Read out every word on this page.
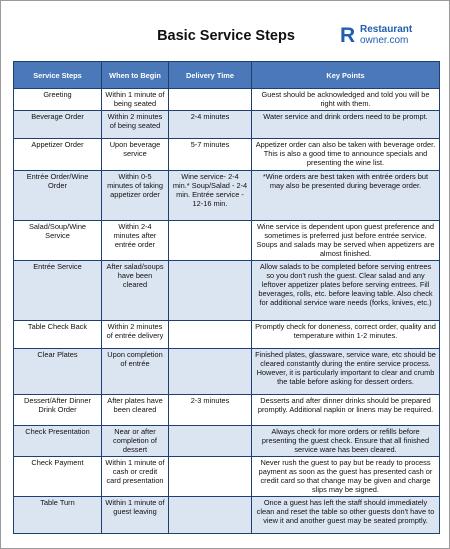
Basic Service Steps	R Restaurant
owner.com
Service Steps	When to Begin	Delivery Time	Key Points
Greeting	Within 1 minute of being seated		Guest should be acknowledged and told you will be right with them.
Beverage Order	Within 2 minutes of being seated	2-4 minutes	Water service and drink orders need to be prompt.
Appetizer Order	Upon beverage service	5-7 minutes	Appetizer order can also be taken with beverage order. This is also a good time to announce specials and presenting the wine list.
Entrée Order/Wine Order	Within 0-5 minutes of taking appetizer order	Wine service- 2-4 min.* Soup/Salad - 2-4 min. Entrée service - 12-16 min.	*Wine orders are best taken with entrée orders but may also be presented during beverage order.
Salad/Soup/Wine Service	Within 2-4 minutes after entrée order		Wine service is dependent upon guest preference and sometimes is preferred just before entrée service. Soups and salads may be served when appetizers are almost finished.
Entrée Service	After salad/soups have been cleared		Allow salads to be completed before serving entrees so you don't rush the guest. Clear salad and any leftover appetizer plates before serving entrees. Fill beverages, rolls, etc. before leaving table. Also check for additional service ware needs (forks, knives, etc.)
Table Check Back	Within 2 minutes of entrée delivery		Promptly check for doneness, correct order, quality and temperature within 1-2 minutes.
Clear Plates	Upon completion of entrée		Finished plates, glassware, service ware, etc should be cleared constantly during the entire service process. However, it is particularly important to clear and crumb the table before asking for dessert orders.
Dessert/After Dinner Drink Order	After plates have been cleared	2-3 minutes	Desserts and after dinner drinks should be prepared promptly. Additional napkin or linens may be required.
Check Presentation	Near or after completion of dessert		Always check for more orders or refills before presenting the guest check. Ensure that all finished service ware has been cleared.
Check Payment	Within 1 minute of cash or credit card presentation		Never rush the guest to pay but be ready to process payment as soon as the guest has presented cash or credit card so that change may be given and charge slips may be signed.
Table Turn	Within 1 minute of guest leaving		Once a guest has left the staff should immediately clean and reset the table so other guests don't have to view it and another guest may be seated promptly.
